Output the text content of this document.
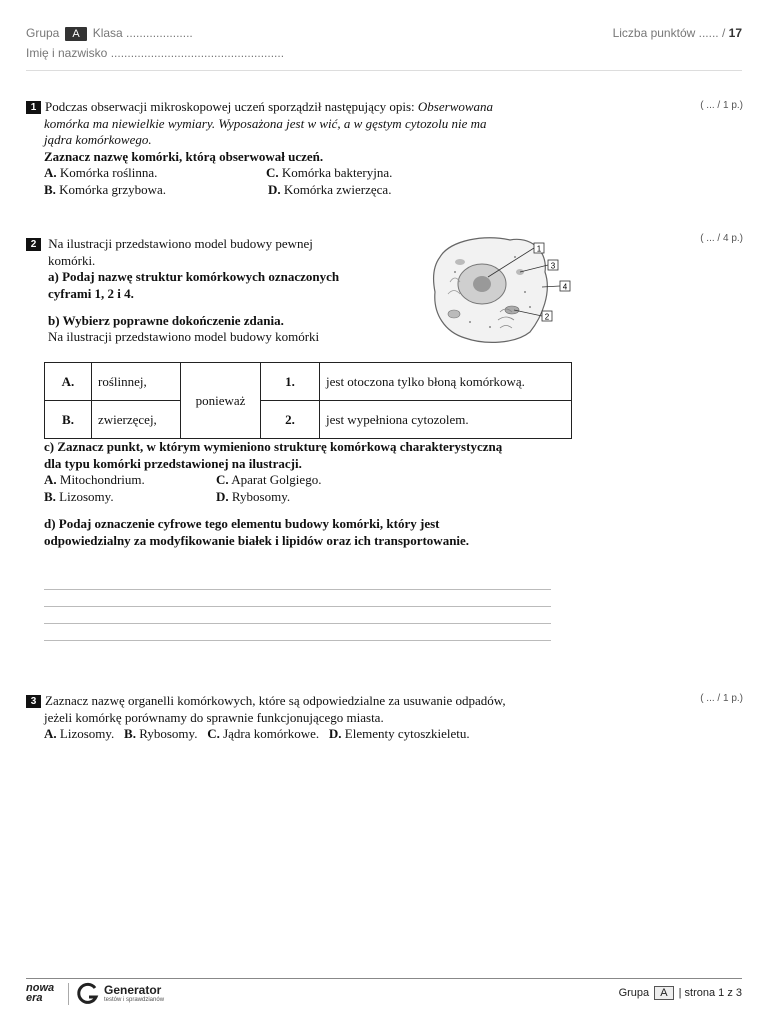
Grupa A Klasa ....................
Imię i nazwisko ....................................................
Liczba punktów ...... / 17
1 Podczas obserwacji mikroskopowej uczeń sporządził następujący opis: Obserwowana
komórka ma niewielkie wymiary. Wyposażona jest w wić, a w gęstym cytozolu nie ma
jądra komórkowego.
Zaznacz nazwę komórki, którą obserwował uczeń.
A. Komórka roślinna.	C. Komórka bakteryjna.
B. Komórka grzybowa.	D. Komórka zwierzęca.
( ... / 1 p.)
2 Na ilustracji przedstawiono model budowy pewnej
komórki.
a) Podaj nazwę struktur komórkowych oznaczonych
cyframi 1, 2 i 4.
b) Wybierz poprawne dokończenie zdania.
Na ilustracji przedstawiono model budowy komórki
( ... / 4 p.)
1
3
4
2
A.	roślinnej,	ponieważ	1.	jest otoczona tylko błoną komórkową.
B.	zwierzęcej,		2.	jest wypełniona cytozolem.
c) Zaznacz punkt, w którym wymieniono strukturę komórkową charakterystyczną
dla typu komórki przedstawionej na ilustracji.
A. Mitochondrium.	C. Aparat Golgiego.
B. Lizosomy.	D. Rybosomy.
d) Podaj oznaczenie cyfrowe tego elementu budowy komórki, który jest
odpowiedzialny za modyfikowanie białek i lipidów oraz ich transportowanie.
3 Zaznacz nazwę organelli komórkowych, które są odpowiedzialne za usuwanie odpadów,
jeżeli komórkę porównamy do sprawnie funkcjonującego miasta.
A. Lizosomy. B. Rybosomy. C. Jądra komórkowe. D. Elementy cytoszkieletu.
( ... / 1 p.)
nowa
era
Generator
testów i sprawdzianów
Grupa A | strona 1 z 3
